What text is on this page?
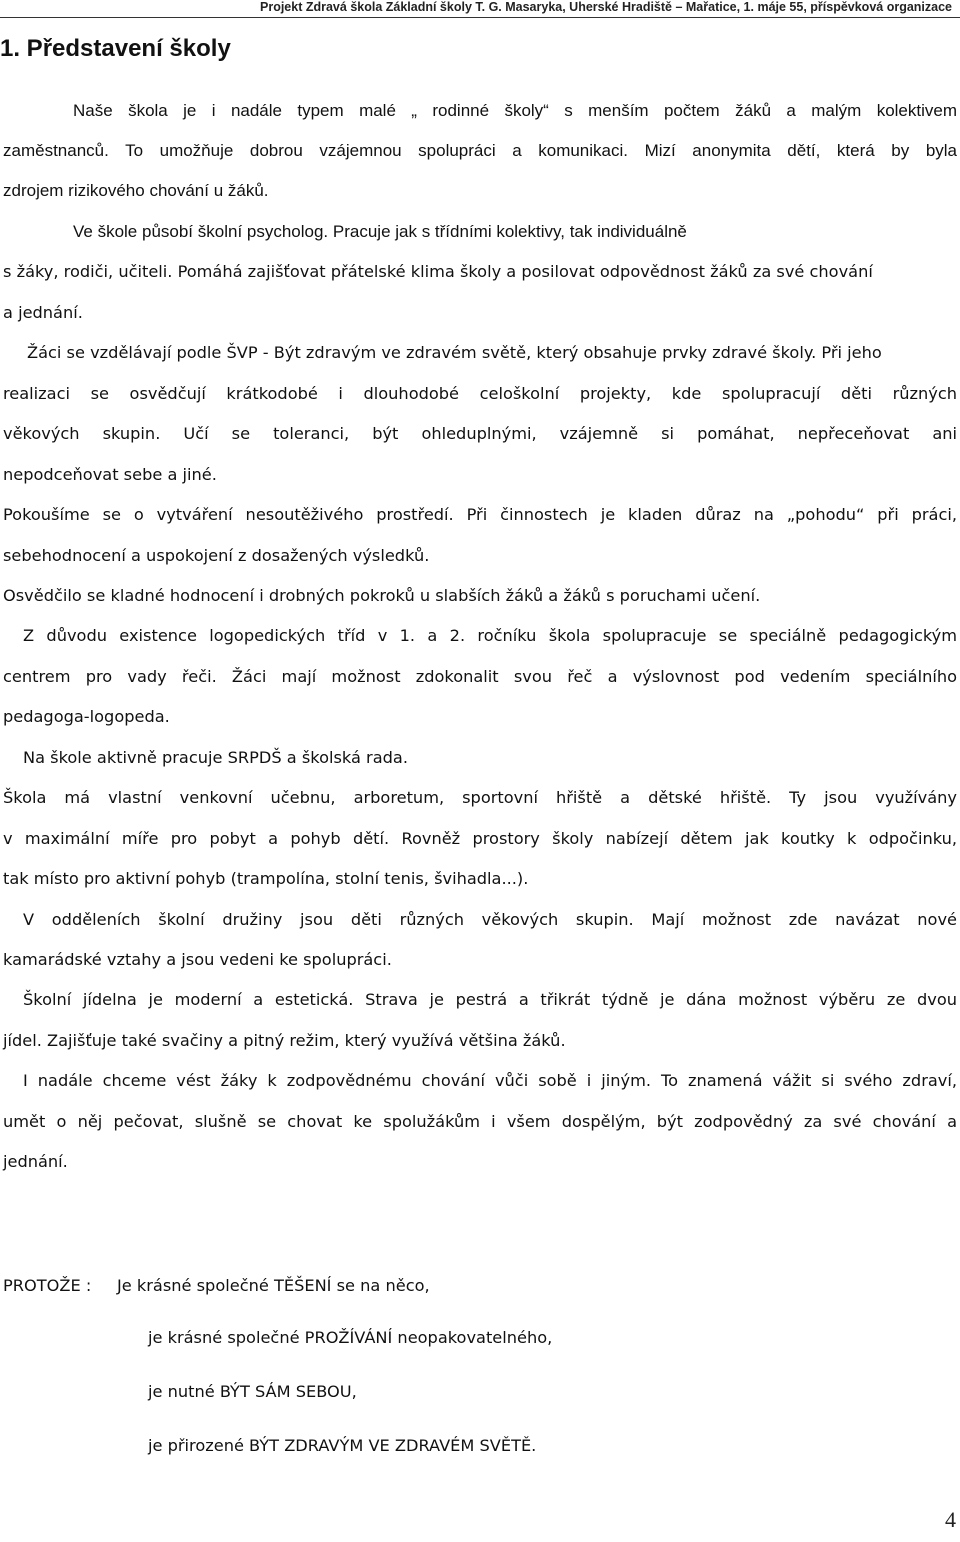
Projekt Zdravá škola Základní školy T. G. Masaryka, Uherské Hradiště – Mařatice, 1. máje 55, příspěvková organizace
1. Představení školy

Naše škola je i nadále typem malé „ rodinné školy“ s menším počtem žáků a malým kolektivem

zaměstnanců. To umožňuje dobrou vzájemnou spolupráci a komunikaci. Mizí anonymita dětí, která by byla

zdrojem rizikového chování u žáků.

Ve škole působí školní psycholog. Pracuje jak s třídními kolektivy, tak individuálně

s žáky, rodiči, učiteli. Pomáhá zajišťovat přátelské klima školy a posilovat odpovědnost žáků za své chování

a jednání.

Žáci se vzdělávají podle ŠVP - Být zdravým ve zdravém světě, který obsahuje prvky zdravé školy. Při jeho

realizaci se osvědčují krátkodobé i dlouhodobé celoškolní projekty, kde spolupracují děti různých

věkových skupin. Učí se toleranci, být ohleduplnými, vzájemně si pomáhat, nepřeceňovat ani

nepodceňovat sebe a jiné.

Pokoušíme se o vytváření nesoutěživého prostředí. Při činnostech je kladen důraz na „pohodu“ při práci,

sebehodnocení a uspokojení z dosažených výsledků.

Osvědčilo se kladné hodnocení i drobných pokroků u slabších žáků a žáků s poruchami učení.

Z důvodu existence logopedických tříd v 1. a 2. ročníku škola spolupracuje se speciálně pedagogickým

centrem pro vady řeči. Žáci mají možnost zdokonalit svou řeč a výslovnost pod vedením speciálního

pedagoga-logopeda.

Na škole aktivně pracuje SRPDŠ a školská rada.

Škola má vlastní venkovní učebnu, arboretum, sportovní hřiště a dětské hřiště. Ty jsou využívány

v maximální míře pro pobyt a pohyb dětí. Rovněž prostory školy nabízejí dětem jak koutky k odpočinku,

tak místo pro aktivní pohyb (trampolína, stolní tenis, švihadla...).

V odděleních školní družiny jsou děti různých věkových skupin. Mají možnost zde navázat nové

kamarádské vztahy a jsou vedeni ke spolupráci.

Školní jídelna je moderní a estetická. Strava je pestrá a třikrát týdně je dána možnost výběru ze dvou

jídel. Zajišťuje také svačiny a pitný režim, který využívá většina žáků.

I nadále chceme vést žáky k zodpovědnému chování vůči sobě i jiným. To znamená vážit si svého zdraví,

umět o něj pečovat, slušně se chovat ke spolužákům i všem dospělým, být zodpovědný za své chování a

jednání.

PROTOŽE : Je krásné společné TĚŠENÍ se na něco,
je krásné společné PROŽÍVÁNÍ neopakovatelného,
je nutné BÝT SÁM SEBOU,
je přirozené BÝT ZDRAVÝM VE ZDRAVÉM SVĚTĚ.
4
